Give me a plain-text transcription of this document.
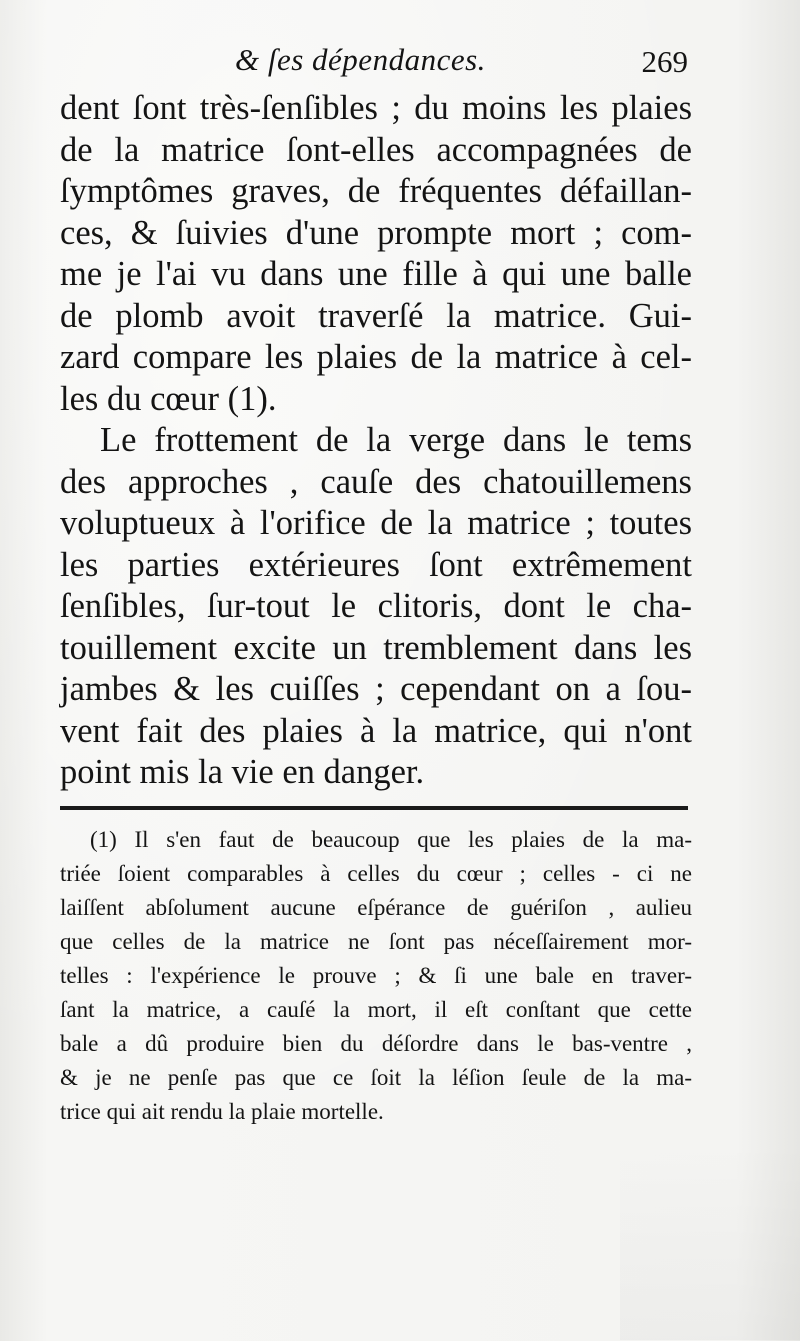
& ſes dépendances.	269
dent ſont très-ſenſibles ; du moins les plaies
de la matrice ſont-elles accompagnées de
ſymptômes graves, de fréquentes défaillan-
ces, & ſuivies d'une prompte mort ; com-
me je l'ai vu dans une fille à qui une balle
de plomb avoit traverſé la matrice. Gui-
zard compare les plaies de la matrice à cel-
les du cœur (1).
Le frottement de la verge dans le tems
des approches , cauſe des chatouillemens
voluptueux à l'orifice de la matrice ; toutes
les parties extérieures ſont extrêmement
ſenſibles, ſur-tout le clitoris, dont le cha-
touillement excite un tremblement dans les
jambes & les cuiſſes ; cependant on a ſou-
vent fait des plaies à la matrice, qui n'ont
point mis la vie en danger.
(1) Il s'en faut de beaucoup que les plaies de la ma-
triée ſoient comparables à celles du cœur ; celles - ci ne
laiſſent abſolument aucune eſpérance de guériſon , aulieu
que celles de la matrice ne ſont pas néceſſairement mor-
telles : l'expérience le prouve ; & ſi une bale en traver-
ſant la matrice, a cauſé la mort, il eſt conſtant que cette
bale a dû produire bien du déſordre dans le bas-ventre ,
& je ne penſe pas que ce ſoit la léſion ſeule de la ma-
trice qui ait rendu la plaie mortelle.
